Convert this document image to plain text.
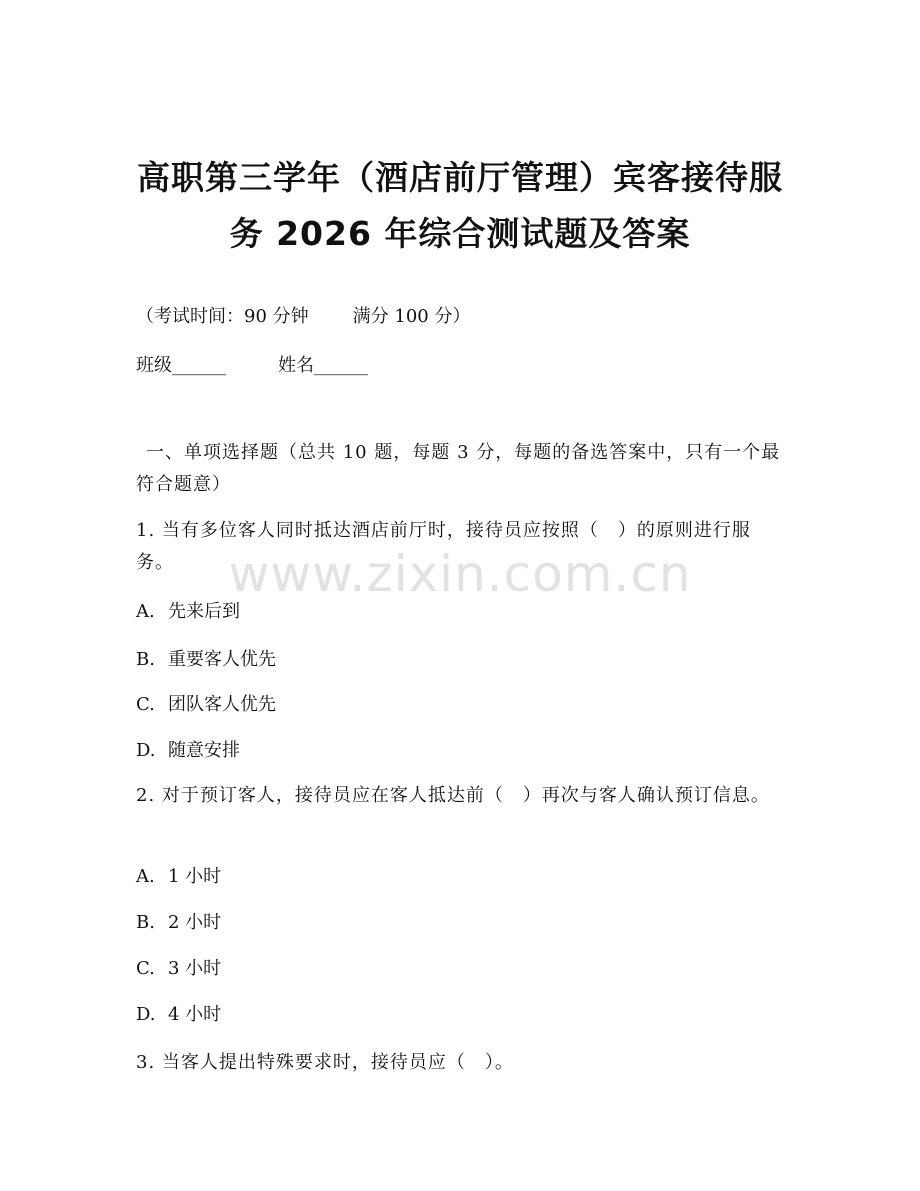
高职第三学年（酒店前厅管理）宾客接待服
务 2026 年综合测试题及答案

（考试时间：90 分钟 满分 100 分）

班级______	姓名______

一、单项选择题（总共 10 题，每题 3 分，每题的备选答案中，只有一个最符合题意）

1. 当有多位客人同时抵达酒店前厅时，接待员应按照（　）的原则进行服务。

A. 先来后到

B. 重要客人优先

C. 团队客人优先

D. 随意安排

2. 对于预订客人，接待员应在客人抵达前（　）再次与客人确认预订信息。

A. 1 小时

B. 2 小时

C. 3 小时

D. 4 小时

3. 当客人提出特殊要求时，接待员应（　）。

www.zixin.com.cn
